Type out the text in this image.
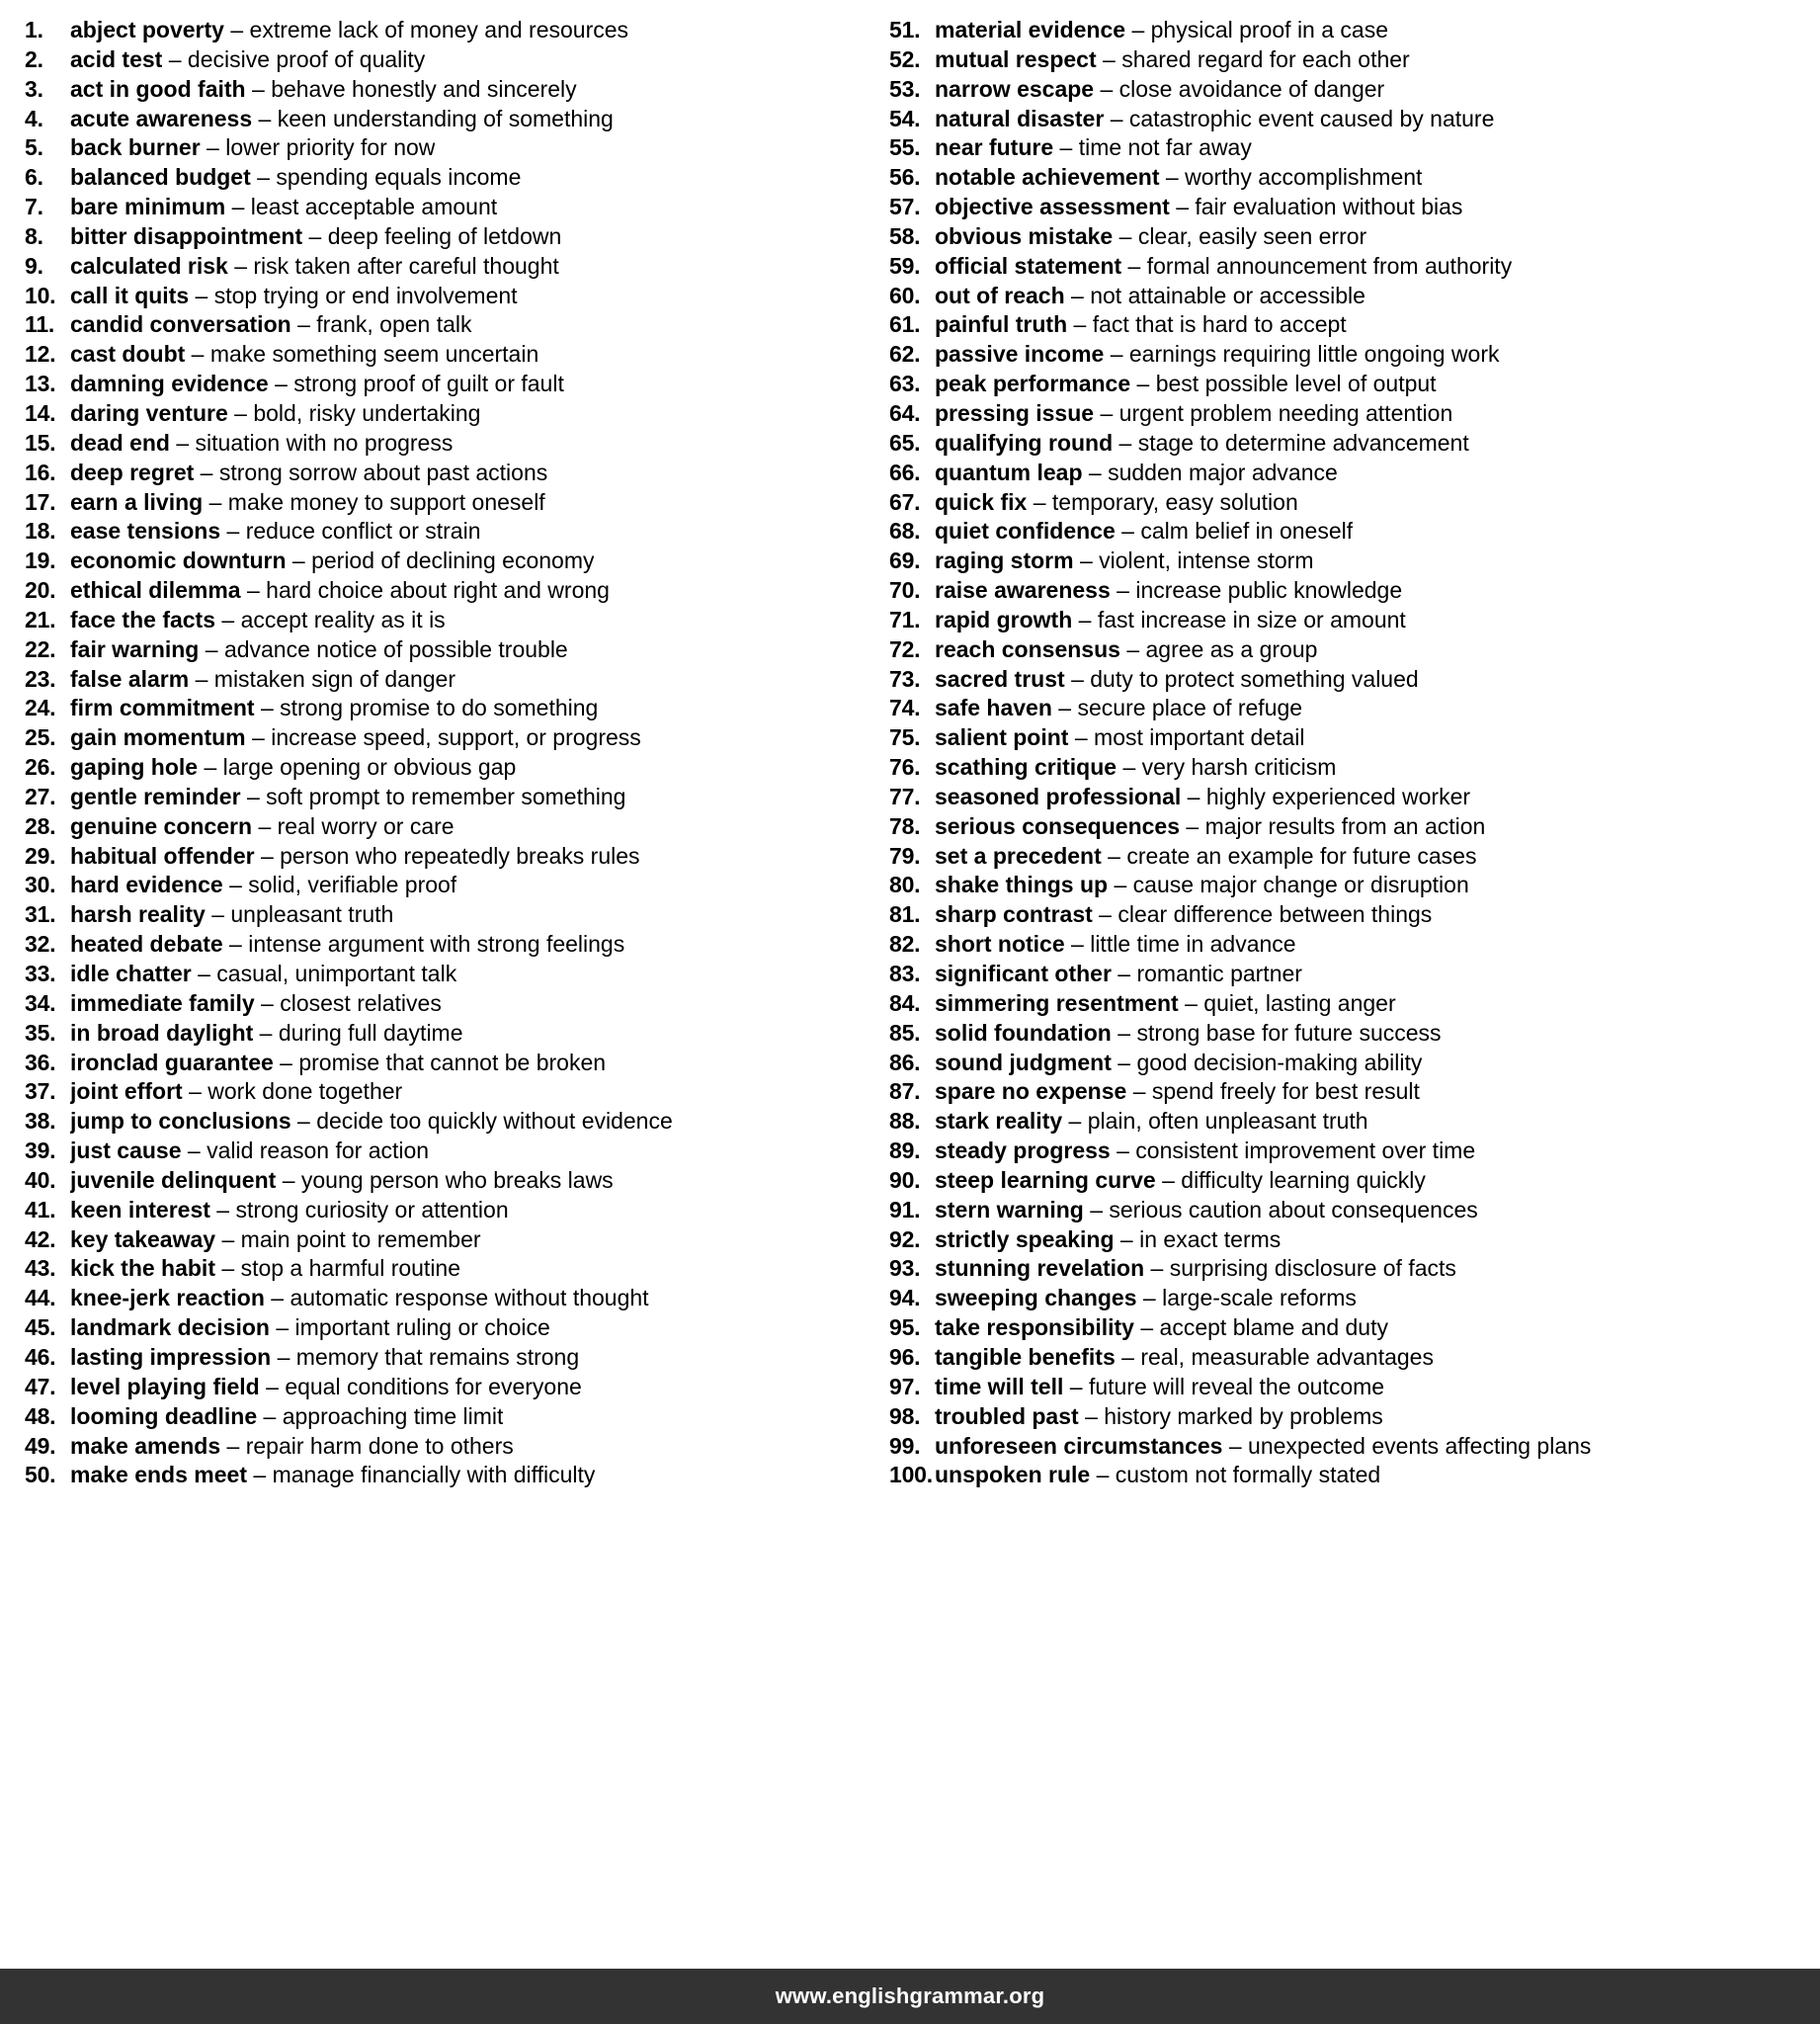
1.	abject poverty – extreme lack of money and resources
2.	acid test – decisive proof of quality
3.	act in good faith – behave honestly and sincerely
4.	acute awareness – keen understanding of something
5.	back burner – lower priority for now
6.	balanced budget – spending equals income
7.	bare minimum – least acceptable amount
8.	bitter disappointment – deep feeling of letdown
9.	calculated risk – risk taken after careful thought
10. call it quits – stop trying or end involvement
11. candid conversation – frank, open talk
12. cast doubt – make something seem uncertain
13. damning evidence – strong proof of guilt or fault
14. daring venture – bold, risky undertaking
15. dead end – situation with no progress
16. deep regret – strong sorrow about past actions
17. earn a living – make money to support oneself
18. ease tensions – reduce conflict or strain
19. economic downturn – period of declining economy
20. ethical dilemma – hard choice about right and wrong
21. face the facts – accept reality as it is
22. fair warning – advance notice of possible trouble
23. false alarm – mistaken sign of danger
24. firm commitment – strong promise to do something
25. gain momentum – increase speed, support, or progress
26. gaping hole – large opening or obvious gap
27. gentle reminder – soft prompt to remember something
28. genuine concern – real worry or care
29. habitual offender – person who repeatedly breaks rules
30. hard evidence – solid, verifiable proof
31. harsh reality – unpleasant truth
32. heated debate – intense argument with strong feelings
33. idle chatter – casual, unimportant talk
34. immediate family – closest relatives
35. in broad daylight – during full daytime
36. ironclad guarantee – promise that cannot be broken
37. joint effort – work done together
38. jump to conclusions – decide too quickly without evidence
39. just cause – valid reason for action
40. juvenile delinquent – young person who breaks laws
41. keen interest – strong curiosity or attention
42. key takeaway – main point to remember
43. kick the habit – stop a harmful routine
44. knee-jerk reaction – automatic response without thought
45. landmark decision – important ruling or choice
46. lasting impression – memory that remains strong
47. level playing field – equal conditions for everyone
48. looming deadline – approaching time limit
49. make amends – repair harm done to others
50. make ends meet – manage financially with difficulty
51. material evidence – physical proof in a case
52. mutual respect – shared regard for each other
53. narrow escape – close avoidance of danger
54. natural disaster – catastrophic event caused by nature
55. near future – time not far away
56. notable achievement – worthy accomplishment
57. objective assessment – fair evaluation without bias
58. obvious mistake – clear, easily seen error
59. official statement – formal announcement from authority
60. out of reach – not attainable or accessible
61. painful truth – fact that is hard to accept
62. passive income – earnings requiring little ongoing work
63. peak performance – best possible level of output
64. pressing issue – urgent problem needing attention
65. qualifying round – stage to determine advancement
66. quantum leap – sudden major advance
67. quick fix – temporary, easy solution
68. quiet confidence – calm belief in oneself
69. raging storm – violent, intense storm
70. raise awareness – increase public knowledge
71. rapid growth – fast increase in size or amount
72. reach consensus – agree as a group
73. sacred trust – duty to protect something valued
74. safe haven – secure place of refuge
75. salient point – most important detail
76. scathing critique – very harsh criticism
77. seasoned professional – highly experienced worker
78. serious consequences – major results from an action
79. set a precedent – create an example for future cases
80. shake things up – cause major change or disruption
81. sharp contrast – clear difference between things
82. short notice – little time in advance
83. significant other – romantic partner
84. simmering resentment – quiet, lasting anger
85. solid foundation – strong base for future success
86. sound judgment – good decision-making ability
87. spare no expense – spend freely for best result
88. stark reality – plain, often unpleasant truth
89. steady progress – consistent improvement over time
90. steep learning curve – difficulty learning quickly
91. stern warning – serious caution about consequences
92. strictly speaking – in exact terms
93. stunning revelation – surprising disclosure of facts
94. sweeping changes – large-scale reforms
95. take responsibility – accept blame and duty
96. tangible benefits – real, measurable advantages
97. time will tell – future will reveal the outcome
98. troubled past – history marked by problems
99. unforeseen circumstances – unexpected events affecting plans
100. unspoken rule – custom not formally stated
www.englishgrammar.org
